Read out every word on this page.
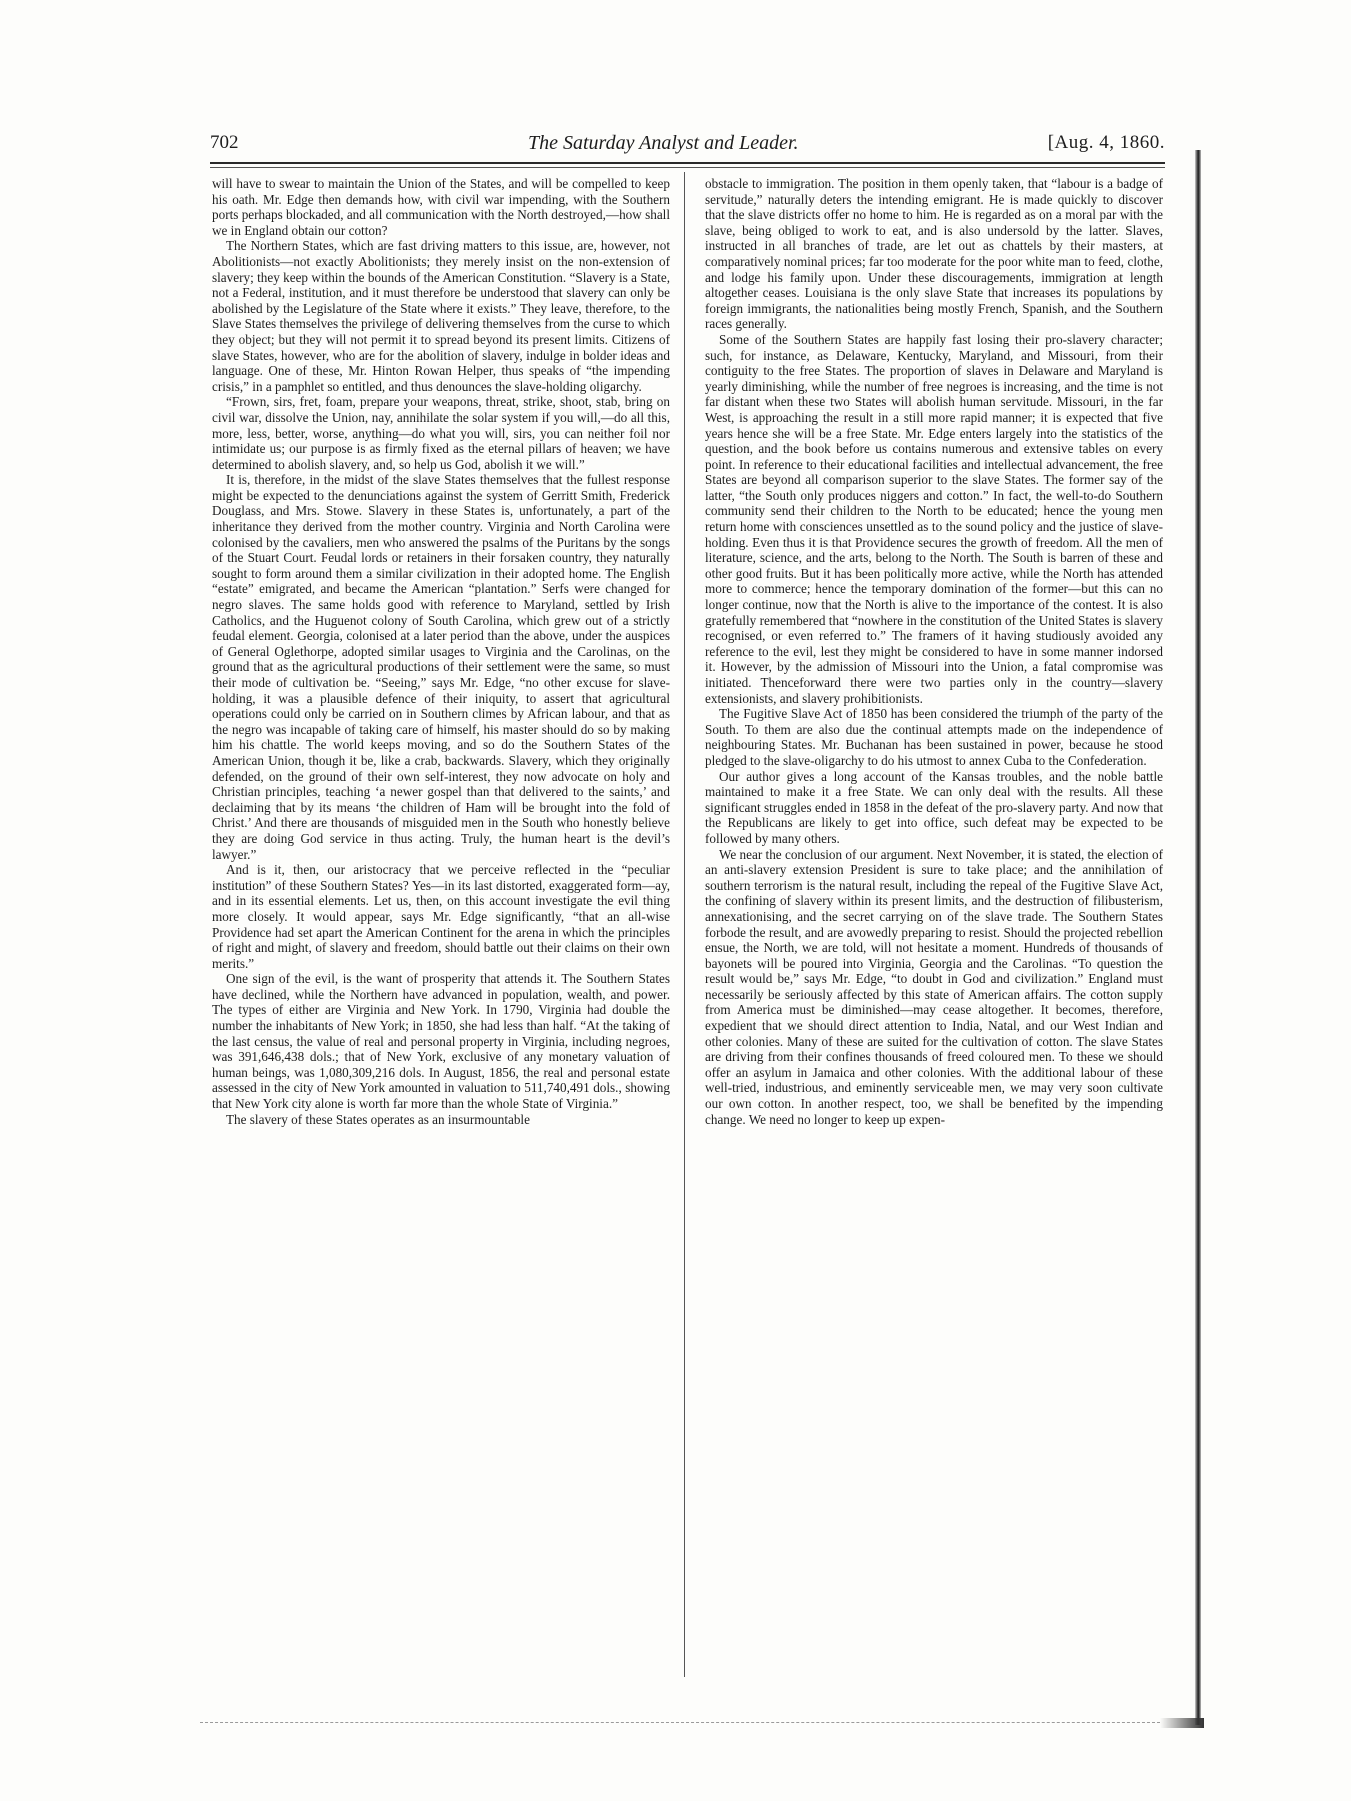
702	The Saturday Analyst and Leader.	[Aug. 4, 1860.

will have to swear to maintain the Union of the States, and will be compelled to keep his oath. Mr. Edge then demands how, with civil war impending, with the Southern ports perhaps blockaded, and all communication with the North destroyed,—how shall we in England obtain our cotton?

The Northern States, which are fast driving matters to this issue, are, however, not Abolitionists—not exactly Abolitionists; they merely insist on the non-extension of slavery; they keep within the bounds of the American Constitution. “Slavery is a State, not a Federal, institution, and it must therefore be understood that slavery can only be abolished by the Legislature of the State where it exists.” They leave, therefore, to the Slave States themselves the privilege of delivering themselves from the curse to which they object; but they will not permit it to spread beyond its present limits. Citizens of slave States, however, who are for the abolition of slavery, indulge in bolder ideas and language. One of these, Mr. Hinton Rowan Helper, thus speaks of “the impending crisis,” in a pamphlet so entitled, and thus denounces the slave-holding oligarchy.

“Frown, sirs, fret, foam, prepare your weapons, threat, strike, shoot, stab, bring on civil war, dissolve the Union, nay, annihilate the solar system if you will,—do all this, more, less, better, worse, anything—do what you will, sirs, you can neither foil nor intimidate us; our purpose is as firmly fixed as the eternal pillars of heaven; we have determined to abolish slavery, and, so help us God, abolish it we will.”

It is, therefore, in the midst of the slave States themselves that the fullest response might be expected to the denunciations against the system of Gerritt Smith, Frederick Douglass, and Mrs. Stowe. Slavery in these States is, unfortunately, a part of the inheritance they derived from the mother country. Virginia and North Carolina were colonised by the cavaliers, men who answered the psalms of the Puritans by the songs of the Stuart Court. Feudal lords or retainers in their forsaken country, they naturally sought to form around them a similar civilization in their adopted home. The English “estate” emigrated, and became the American “plantation.” Serfs were changed for negro slaves. The same holds good with reference to Maryland, settled by Irish Catholics, and the Huguenot colony of South Carolina, which grew out of a strictly feudal element. Georgia, colonised at a later period than the above, under the auspices of General Oglethorpe, adopted similar usages to Virginia and the Carolinas, on the ground that as the agricultural productions of their settlement were the same, so must their mode of cultivation be. “Seeing,” says Mr. Edge, “no other excuse for slave-holding, it was a plausible defence of their iniquity, to assert that agricultural operations could only be carried on in Southern climes by African labour, and that as the negro was incapable of taking care of himself, his master should do so by making him his chattle. The world keeps moving, and so do the Southern States of the American Union, though it be, like a crab, backwards. Slavery, which they originally defended, on the ground of their own self-interest, they now advocate on holy and Christian principles, teaching ‘a newer gospel than that delivered to the saints,’ and declaiming that by its means ‘the children of Ham will be brought into the fold of Christ.’ And there are thousands of misguided men in the South who honestly believe they are doing God service in thus acting. Truly, the human heart is the devil’s lawyer.”

And is it, then, our aristocracy that we perceive reflected in the “peculiar institution” of these Southern States? Yes—in its last distorted, exaggerated form—ay, and in its essential elements. Let us, then, on this account investigate the evil thing more closely. It would appear, says Mr. Edge significantly, “that an all-wise Providence had set apart the American Continent for the arena in which the principles of right and might, of slavery and freedom, should battle out their claims on their own merits.”

One sign of the evil, is the want of prosperity that attends it. The Southern States have declined, while the Northern have advanced in population, wealth, and power. The types of either are Virginia and New York. In 1790, Virginia had double the number the inhabitants of New York; in 1850, she had less than half. “At the taking of the last census, the value of real and personal property in Virginia, including negroes, was 391,646,438 dols.; that of New York, exclusive of any monetary valuation of human beings, was 1,080,309,216 dols. In August, 1856, the real and personal estate assessed in the city of New York amounted in valuation to 511,740,491 dols., showing that New York city alone is worth far more than the whole State of Virginia.”

The slavery of these States operates as an insurmountable

obstacle to immigration. The position in them openly taken, that “labour is a badge of servitude,” naturally deters the intending emigrant. He is made quickly to discover that the slave districts offer no home to him. He is regarded as on a moral par with the slave, being obliged to work to eat, and is also undersold by the latter. Slaves, instructed in all branches of trade, are let out as chattels by their masters, at comparatively nominal prices; far too moderate for the poor white man to feed, clothe, and lodge his family upon. Under these discouragements, immigration at length altogether ceases. Louisiana is the only slave State that increases its populations by foreign immigrants, the nationalities being mostly French, Spanish, and the Southern races generally.

Some of the Southern States are happily fast losing their pro-slavery character; such, for instance, as Delaware, Kentucky, Maryland, and Missouri, from their contiguity to the free States. The proportion of slaves in Delaware and Maryland is yearly diminishing, while the number of free negroes is increasing, and the time is not far distant when these two States will abolish human servitude. Missouri, in the far West, is approaching the result in a still more rapid manner; it is expected that five years hence she will be a free State. Mr. Edge enters largely into the statistics of the question, and the book before us contains numerous and extensive tables on every point. In reference to their educational facilities and intellectual advancement, the free States are beyond all comparison superior to the slave States. The former say of the latter, “the South only produces niggers and cotton.” In fact, the well-to-do Southern community send their children to the North to be educated; hence the young men return home with consciences unsettled as to the sound policy and the justice of slave-holding. Even thus it is that Providence secures the growth of freedom. All the men of literature, science, and the arts, belong to the North. The South is barren of these and other good fruits. But it has been politically more active, while the North has attended more to commerce; hence the temporary domination of the former—but this can no longer continue, now that the North is alive to the importance of the contest. It is also gratefully remembered that “nowhere in the constitution of the United States is slavery recognised, or even referred to.” The framers of it having studiously avoided any reference to the evil, lest they might be considered to have in some manner indorsed it. However, by the admission of Missouri into the Union, a fatal compromise was initiated. Thenceforward there were two parties only in the country—slavery extensionists, and slavery prohibitionists.

The Fugitive Slave Act of 1850 has been considered the triumph of the party of the South. To them are also due the continual attempts made on the independence of neighbouring States. Mr. Buchanan has been sustained in power, because he stood pledged to the slave-oligarchy to do his utmost to annex Cuba to the Confederation.

Our author gives a long account of the Kansas troubles, and the noble battle maintained to make it a free State. We can only deal with the results. All these significant struggles ended in 1858 in the defeat of the pro-slavery party. And now that the Republicans are likely to get into office, such defeat may be expected to be followed by many others.

We near the conclusion of our argument. Next November, it is stated, the election of an anti-slavery extension President is sure to take place; and the annihilation of southern terrorism is the natural result, including the repeal of the Fugitive Slave Act, the confining of slavery within its present limits, and the destruction of filibusterism, annexationising, and the secret carrying on of the slave trade. The Southern States forbode the result, and are avowedly preparing to resist. Should the projected rebellion ensue, the North, we are told, will not hesitate a moment. Hundreds of thousands of bayonets will be poured into Virginia, Georgia and the Carolinas. “To question the result would be,” says Mr. Edge, “to doubt in God and civilization.” England must necessarily be seriously affected by this state of American affairs. The cotton supply from America must be diminished—may cease altogether. It becomes, therefore, expedient that we should direct attention to India, Natal, and our West Indian and other colonies. Many of these are suited for the cultivation of cotton. The slave States are driving from their confines thousands of freed coloured men. To these we should offer an asylum in Jamaica and other colonies. With the additional labour of these well-tried, industrious, and eminently serviceable men, we may very soon cultivate our own cotton. In another respect, too, we shall be benefited by the impending change. We need no longer to keep up expen-
